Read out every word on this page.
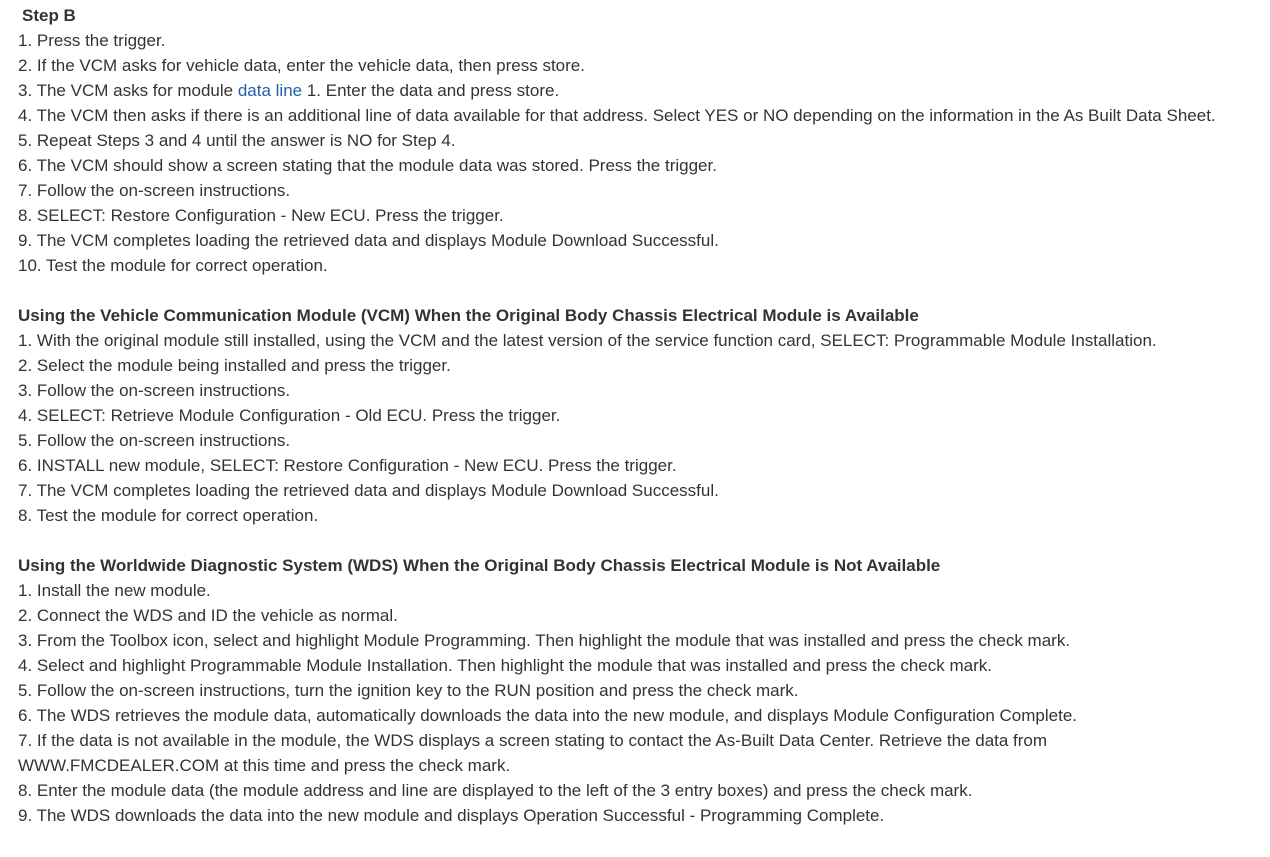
Step B
1. Press the trigger.
2. If the VCM asks for vehicle data, enter the vehicle data, then press store.
3. The VCM asks for module data line 1. Enter the data and press store.
4. The VCM then asks if there is an additional line of data available for that address. Select YES or NO depending on the information in the As Built Data Sheet.
5. Repeat Steps 3 and 4 until the answer is NO for Step 4.
6. The VCM should show a screen stating that the module data was stored. Press the trigger.
7. Follow the on-screen instructions.
8. SELECT: Restore Configuration - New ECU. Press the trigger.
9. The VCM completes loading the retrieved data and displays Module Download Successful.
10. Test the module for correct operation.
Using the Vehicle Communication Module (VCM) When the Original Body Chassis Electrical Module is Available
1. With the original module still installed, using the VCM and the latest version of the service function card, SELECT: Programmable Module Installation.
2. Select the module being installed and press the trigger.
3. Follow the on-screen instructions.
4. SELECT: Retrieve Module Configuration - Old ECU. Press the trigger.
5. Follow the on-screen instructions.
6. INSTALL new module, SELECT: Restore Configuration - New ECU. Press the trigger.
7. The VCM completes loading the retrieved data and displays Module Download Successful.
8. Test the module for correct operation.
Using the Worldwide Diagnostic System (WDS) When the Original Body Chassis Electrical Module is Not Available
1. Install the new module.
2. Connect the WDS and ID the vehicle as normal.
3. From the Toolbox icon, select and highlight Module Programming. Then highlight the module that was installed and press the check mark.
4. Select and highlight Programmable Module Installation. Then highlight the module that was installed and press the check mark.
5. Follow the on-screen instructions, turn the ignition key to the RUN position and press the check mark.
6. The WDS retrieves the module data, automatically downloads the data into the new module, and displays Module Configuration Complete.
7. If the data is not available in the module, the WDS displays a screen stating to contact the As-Built Data Center. Retrieve the data from WWW.FMCDEALER.COM at this time and press the check mark.
8. Enter the module data (the module address and line are displayed to the left of the 3 entry boxes) and press the check mark.
9. The WDS downloads the data into the new module and displays Operation Successful - Programming Complete.
